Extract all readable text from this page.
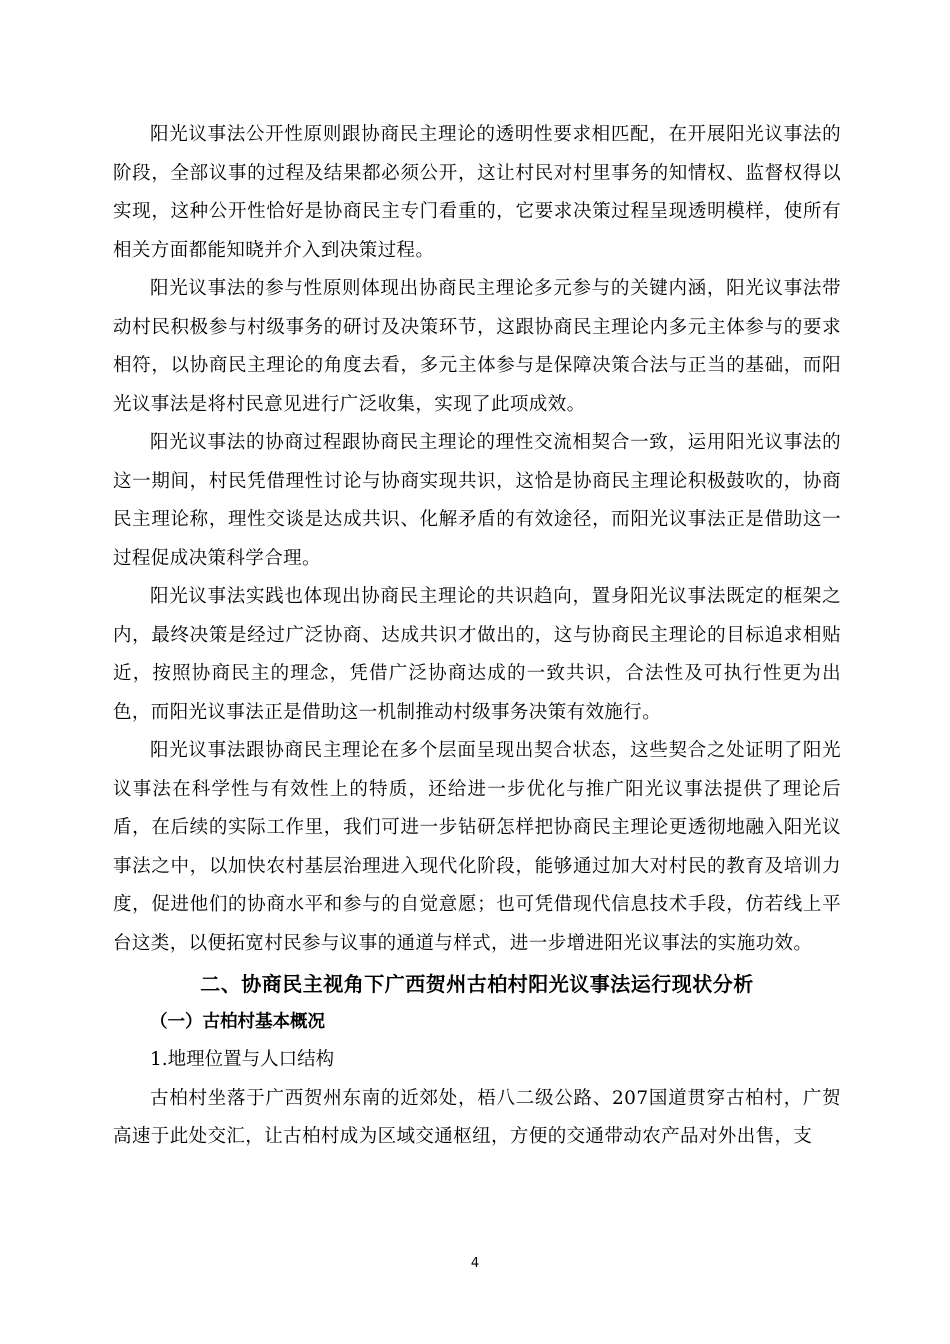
阳光议事法公开性原则跟协商民主理论的透明性要求相匹配，在开展阳光议事法的阶段，全部议事的过程及结果都必须公开，这让村民对村里事务的知情权、监督权得以实现，这种公开性恰好是协商民主专门看重的，它要求决策过程呈现透明模样，使所有相关方面都能知晓并介入到决策过程。

阳光议事法的参与性原则体现出协商民主理论多元参与的关键内涵，阳光议事法带动村民积极参与村级事务的研讨及决策环节，这跟协商民主理论内多元主体参与的要求相符，以协商民主理论的角度去看，多元主体参与是保障决策合法与正当的基础，而阳光议事法是将村民意见进行广泛收集，实现了此项成效。

阳光议事法的协商过程跟协商民主理论的理性交流相契合一致，运用阳光议事法的这一期间，村民凭借理性讨论与协商实现共识，这恰是协商民主理论积极鼓吹的，协商民主理论称，理性交谈是达成共识、化解矛盾的有效途径，而阳光议事法正是借助这一过程促成决策科学合理。

阳光议事法实践也体现出协商民主理论的共识趋向，置身阳光议事法既定的框架之内，最终决策是经过广泛协商、达成共识才做出的，这与协商民主理论的目标追求相贴近，按照协商民主的理念，凭借广泛协商达成的一致共识，合法性及可执行性更为出色，而阳光议事法正是借助这一机制推动村级事务决策有效施行。

阳光议事法跟协商民主理论在多个层面呈现出契合状态，这些契合之处证明了阳光议事法在科学性与有效性上的特质，还给进一步优化与推广阳光议事法提供了理论后盾，在后续的实际工作里，我们可进一步钻研怎样把协商民主理论更透彻地融入阳光议事法之中，以加快农村基层治理进入现代化阶段，能够通过加大对村民的教育及培训力度，促进他们的协商水平和参与的自觉意愿；也可凭借现代信息技术手段，仿若线上平台这类，以便拓宽村民参与议事的通道与样式，进一步增进阳光议事法的实施功效。

二、协商民主视角下广西贺州古柏村阳光议事法运行现状分析

（一）古柏村基本概况

1.地理位置与人口结构

古柏村坐落于广西贺州东南的近郊处，梧八二级公路、207国道贯穿古柏村，广贺高速于此处交汇，让古柏村成为区域交通枢纽，方便的交通带动农产品对外出售，支

4
